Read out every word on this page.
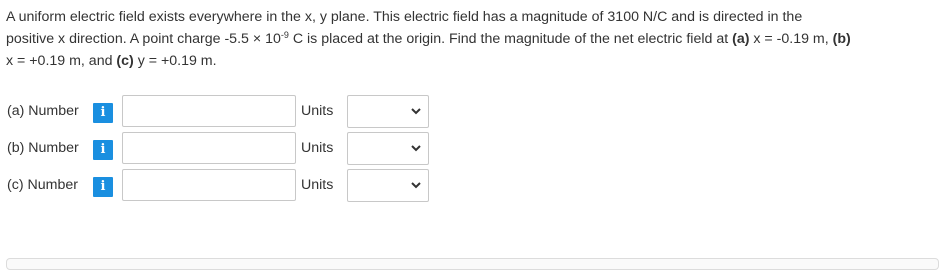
A uniform electric field exists everywhere in the x, y plane. This electric field has a magnitude of 3100 N/C and is directed in the
positive x direction. A point charge $-5.5 \times 10^{-9}$ C is placed at the origin. Find the magnitude of the net electric field at (a) x = -0.19 m, (b)
x = +0.19 m, and (c) y = +0.19 m.
(a) Number	i	Units
(b) Number	i	Units
(c) Number	i	Units
